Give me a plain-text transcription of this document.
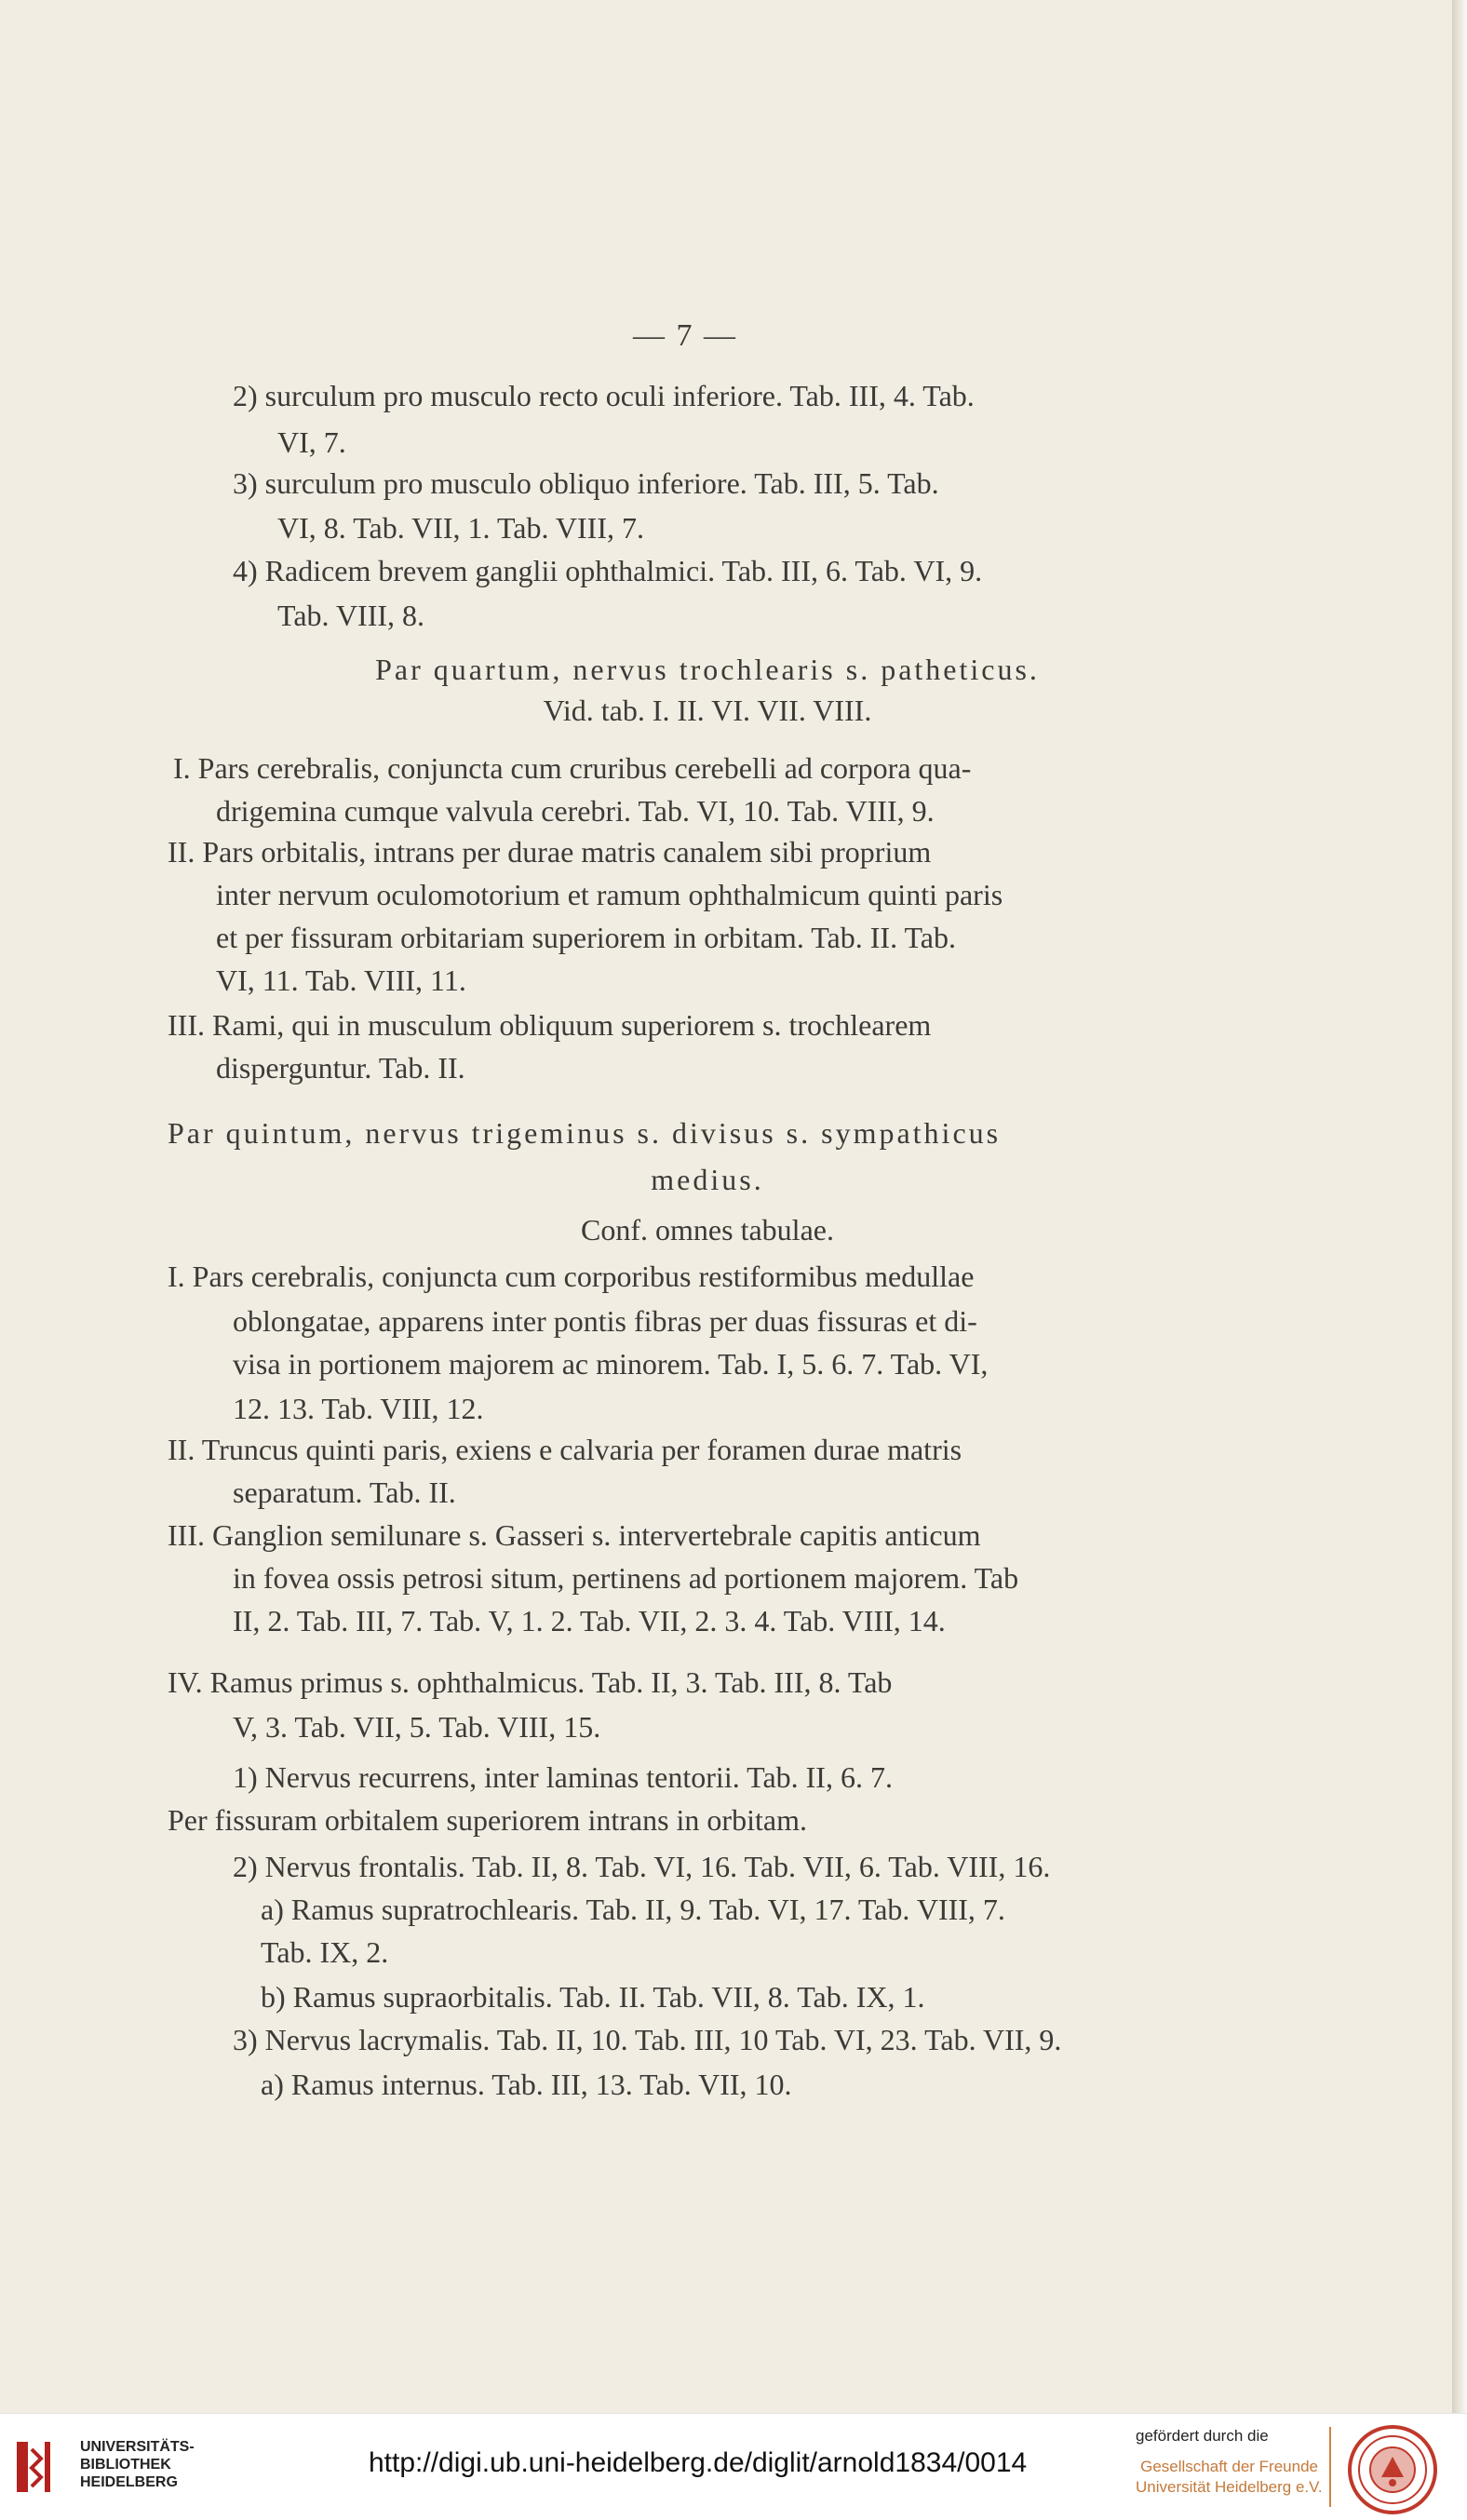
— 7 —
2) surculum pro musculo recto oculi inferiore. Tab. III, 4. Tab.
VI, 7.
3) surculum pro musculo obliquo inferiore. Tab. III, 5. Tab.
VI, 8. Tab. VII, 1. Tab. VIII, 7.
4) Radicem brevem ganglii ophthalmici. Tab. III, 6. Tab. VI, 9.
Tab. VIII, 8.
Par quartum, nervus trochlearis s. patheticus.
Vid. tab. I. II. VI. VII. VIII.
I. Pars cerebralis, conjuncta cum cruribus cerebelli ad corpora qua-
drigemina cumque valvula cerebri. Tab. VI, 10. Tab. VIII, 9.
II. Pars orbitalis, intrans per durae matris canalem sibi proprium
inter nervum oculomotorium et ramum ophthalmicum quinti paris
et per fissuram orbitariam superiorem in orbitam. Tab. II. Tab.
VI, 11. Tab. VIII, 11.
III. Rami, qui in musculum obliquum superiorem s. trochlearem
disperguntur. Tab. II.
Par quintum, nervus trigeminus s. divisus s. sympathicus
medius.
Conf. omnes tabulae.
I. Pars cerebralis, conjuncta cum corporibus restiformibus medullae
oblongatae, apparens inter pontis fibras per duas fissuras et di-
visa in portionem majorem ac minorem. Tab. I, 5. 6. 7. Tab. VI,
12. 13. Tab. VIII, 12.
II. Truncus quinti paris, exiens e calvaria per foramen durae matris
separatum. Tab. II.
III. Ganglion semilunare s. Gasseri s. intervertebrale capitis anticum
in fovea ossis petrosi situm, pertinens ad portionem majorem. Tab
II, 2. Tab. III, 7. Tab. V, 1. 2. Tab. VII, 2. 3. 4. Tab. VIII, 14.
IV. Ramus primus s. ophthalmicus. Tab. II, 3. Tab. III, 8. Tab
V, 3. Tab. VII, 5. Tab. VIII, 15.
1) Nervus recurrens, inter laminas tentorii. Tab. II, 6. 7.
Per fissuram orbitalem superiorem intrans in orbitam.
2) Nervus frontalis. Tab. II, 8. Tab. VI, 16. Tab. VII, 6. Tab. VIII, 16.
a) Ramus supratrochlearis. Tab. II, 9. Tab. VI, 17. Tab. VIII, 7.
Tab. IX, 2.
b) Ramus supraorbitalis. Tab. II. Tab. VII, 8. Tab. IX, 1.
3) Nervus lacrymalis. Tab. II, 10. Tab. III, 10 Tab. VI, 23. Tab. VII, 9.
a) Ramus internus. Tab. III, 13. Tab. VII, 10.
UNIVERSITÄTS-
BIBLIOTHEK
HEIDELBERG
http://digi.ub.uni-heidelberg.de/diglit/arnold1834/0014
gefördert durch die
Gesellschaft der Freunde
Universität Heidelberg e.V.
